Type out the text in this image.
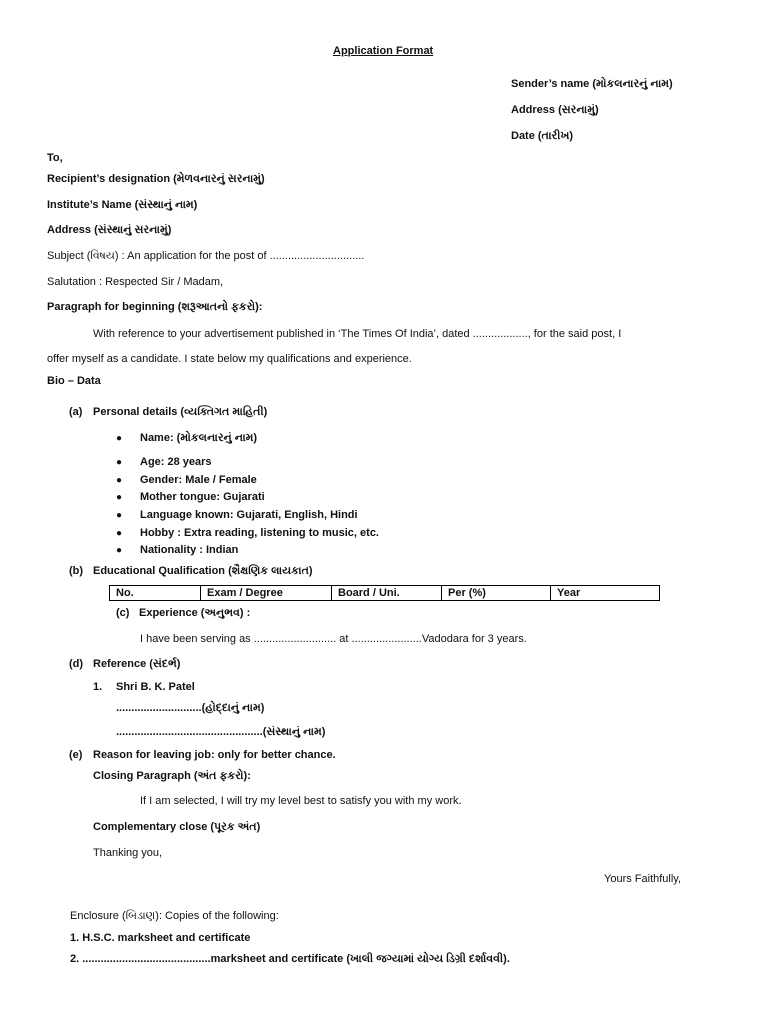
Application Format
Sender’s name (મોકલનારનું નામ)
Address (સરનામું)
Date (તારીખ)
To,
Recipient’s designation (મેળવનારનું સરનામું)
Institute’s Name (સંસ્થાનું નામ)
Address (સંસ્થાનું સરનામું)
Subject (વિષય) : An application for the post of ...............................
Salutation : Respected Sir / Madam,
Paragraph for beginning (શરૂઆતનો ફકરો):
With reference to your advertisement published in ‘The Times Of India’, dated .................., for the said post, I
offer myself as a candidate. I state below my qualifications and experience.
Bio – Data
(a) Personal details (વ્યક્તિગત માહિતી)
● Name: (મોકલનારનું નામ)
● Age: 28 years
● Gender: Male / Female
● Mother tongue: Gujarati
● Language known: Gujarati, English, Hindi
● Hobby : Extra reading, listening to music, etc.
● Nationality : Indian
(b) Educational Qualification (શૈક્ષણિક લાયકાત)
No.	Exam / Degree	Board / Uni.	Per (%)	Year
(c) Experience (અનુભવ) :
I have been serving as ........................... at .......................Vadodara for 3 years.
(d) Reference (સંદર્ભ)
1. Shri B. K. Patel
............................(હોદ્દાનું નામ)
................................................(સંસ્થાનું નામ)
(e) Reason for leaving job: only for better chance.
Closing Paragraph (અંત ફકરો):
If I am selected, I will try my level best to satisfy you with my work.
Complementary close (પૂરક અંત)
Thanking you,
Yours Faithfully,
Enclosure (બિડાણ): Copies of the following:
1. H.S.C. marksheet and certificate
2. ..........................................marksheet and certificate (ખાલી જગ્યામાં યોગ્ય ડિગ્રી દર્શાવવી).
